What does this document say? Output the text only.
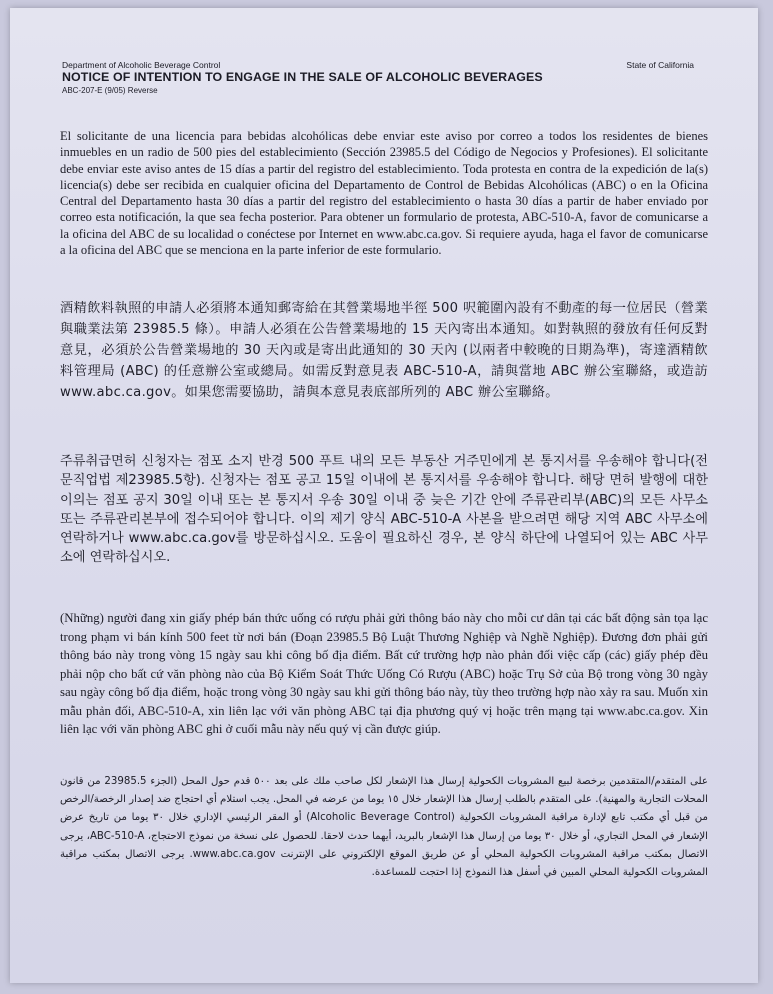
Department of Alcoholic Beverage Control	State of California
NOTICE OF INTENTION TO ENGAGE IN THE SALE OF ALCOHOLIC BEVERAGES
ABC-207-E (9/05) Reverse

El solicitante de una licencia para bebidas alcohólicas debe enviar este aviso por correo a todos los residentes de bienes inmuebles en un radio de 500 pies del establecimiento (Sección 23985.5 del Código de Negocios y Profesiones). El solicitante debe enviar este aviso antes de 15 días a partir del registro del establecimiento. Toda protesta en contra de la expedición de la(s) licencia(s) debe ser recibida en cualquier oficina del Departamento de Control de Bebidas Alcohólicas (ABC) o en la Oficina Central del Departamento hasta 30 días a partir del registro del establecimiento o hasta 30 días a partir de haber enviado por correo esta notificación, la que sea fecha posterior. Para obtener un formulario de protesta, ABC-510-A, favor de comunicarse a la oficina del ABC de su localidad o conéctese por Internet en www.abc.ca.gov. Si requiere ayuda, haga el favor de comunicarse a la oficina del ABC que se menciona en la parte inferior de este formulario.

酒精飲料執照的申請人必須將本通知郵寄給在其營業場地半徑 500 呎範圍內設有不動產的每一位居民（營業與職業法第 23985.5 條）。申請人必須在公告營業場地的 15 天內寄出本通知。如對執照的發放有任何反對意見，必須於公告營業場地的 30 天內或是寄出此通知的 30 天內 (以兩者中較晚的日期為準)，寄達酒精飲料管理局 (ABC) 的任意辦公室或總局。如需反對意見表 ABC-510-A，請與當地 ABC 辦公室聯絡，或造訪 www.abc.ca.gov。如果您需要協助，請與本意見表底部所列的 ABC 辦公室聯絡。

주류취급면허 신청자는 점포 소지 반경 500 푸트 내의 모든 부동산 거주민에게 본 통지서를 우송해야 합니다(전문직업법 제23985.5항). 신청자는 점포 공고 15일 이내에 본 통지서를 우송해야 합니다. 해당 면허 발행에 대한 이의는 점포 공지 30일 이내 또는 본 통지서 우송 30일 이내 중 늦은 기간 안에 주류관리부(ABC)의 모든 사무소 또는 주류관리본부에 접수되어야 합니다. 이의 제기 양식 ABC-510-A 사본을 받으려면 해당 지역 ABC 사무소에 연락하거나 www.abc.ca.gov를 방문하십시오. 도움이 필요하신 경우, 본 양식 하단에 나열되어 있는 ABC 사무소에 연락하십시오.

(Những) người đang xin giấy phép bán thức uống có rượu phải gửi thông báo này cho mỗi cư dân tại các bất động sản tọa lạc trong phạm vi bán kính 500 feet từ nơi bán (Đoạn 23985.5 Bộ Luật Thương Nghiệp và Nghề Nghiệp). Đương đơn phải gửi thông báo này trong vòng 15 ngày sau khi công bố địa điểm. Bất cứ trường hợp nào phản đối việc cấp (các) giấy phép đều phải nộp cho bất cứ văn phòng nào của Bộ Kiểm Soát Thức Uống Có Rượu (ABC) hoặc Trụ Sở của Bộ trong vòng 30 ngày sau ngày công bố địa điểm, hoặc trong vòng 30 ngày sau khi gửi thông báo này, tùy theo trường hợp nào xảy ra sau. Muốn xin mẫu phản đối, ABC-510-A, xin liên lạc với văn phòng ABC tại địa phương quý vị hoặc trên mạng tại www.abc.ca.gov. Xin liên lạc với văn phòng ABC ghi ở cuối mẫu này nếu quý vị cần được giúp.

على المتقدم/المتقدمين برخصة لبيع المشروبات الكحولية إرسال هذا الإشعار لكل صاحب ملك على بعد ٥٠٠ قدم حول المحل (الجزء 23985.5 من قانون المحلات التجارية والمهنية). على المتقدم بالطلب إرسال هذا الإشعار خلال ١٥ يوما من عرضه في المحل. يجب استلام أي احتجاج ضد إصدار الرخصة/الرخص من قبل أي مكتب تابع لإدارة مراقبة المشروبات الكحولية (Alcoholic Beverage Control) أو المقر الرئيسي الإداري خلال ٣٠ يوما من تاريخ عرض الإشعار في المحل التجاري، أو خلال ٣٠ يوما من إرسال هذا الإشعار بالبريد، أيهما حدث لاحقا. للحصول على نسخة من نموذج الاحتجاج، ABC-510-A، يرجى الاتصال بمكتب مراقبة المشروبات الكحولية المحلي أو عن طريق الموقع الإلكتروني على الإنترنت www.abc.ca.gov. يرجى الاتصال بمكتب مراقبة المشروبات الكحولية المحلي المبين في أسفل هذا النموذج إذا احتجت للمساعدة.
